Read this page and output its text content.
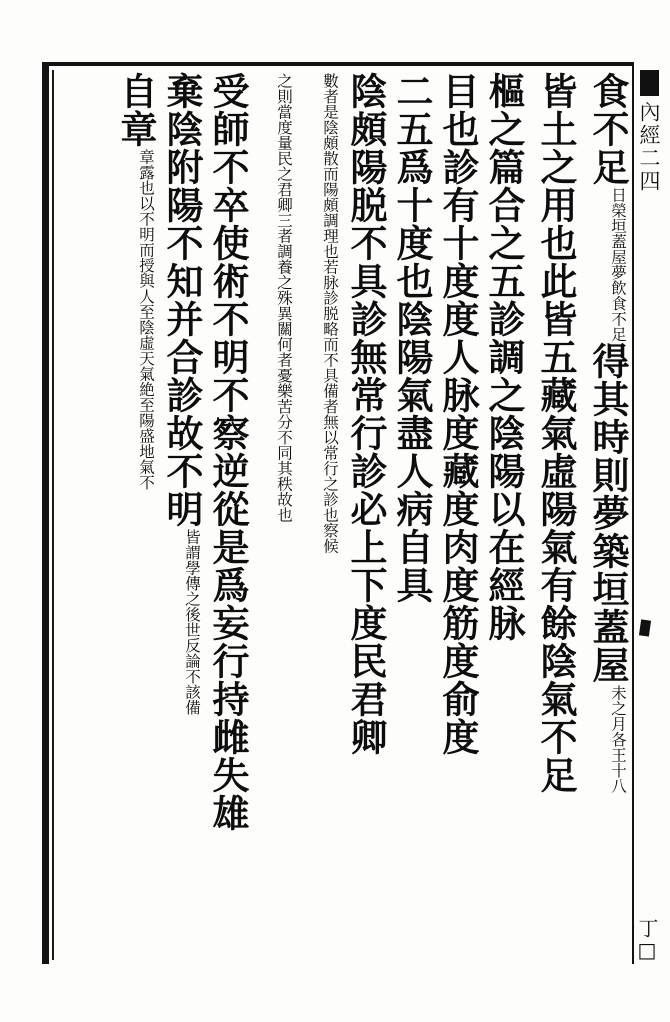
食不足日榮垣蓋屋夢飲食不足得其時則夢築垣蓋屋未之月各王十八
皆土之用也此皆五藏氣虛陽氣有餘陰氣不足
樞之篇合之五診調之陰陽以在經脉
目也診有十度度人脉度藏度肉度筋度俞度
二五爲十度也陰陽氣盡人病自具
陰頗陽脱不具診無常行診必上下度民君卿
數者是陰頗散而陽頗調理也若脉診脱略而不具備者無以常行之診也察候
之則當度量民之君卿三者調養之殊異關何者憂樂苦分不同其秩故也
受師不卒使術不明不察逆從是爲妄行持雌失雄
棄陰附陽不知并合診故不明皆謂學傳之後世反論不該備
自章章露也以不明而授與人至陰虛天氣絶至陽盛地氣不
內經二四
丁□
